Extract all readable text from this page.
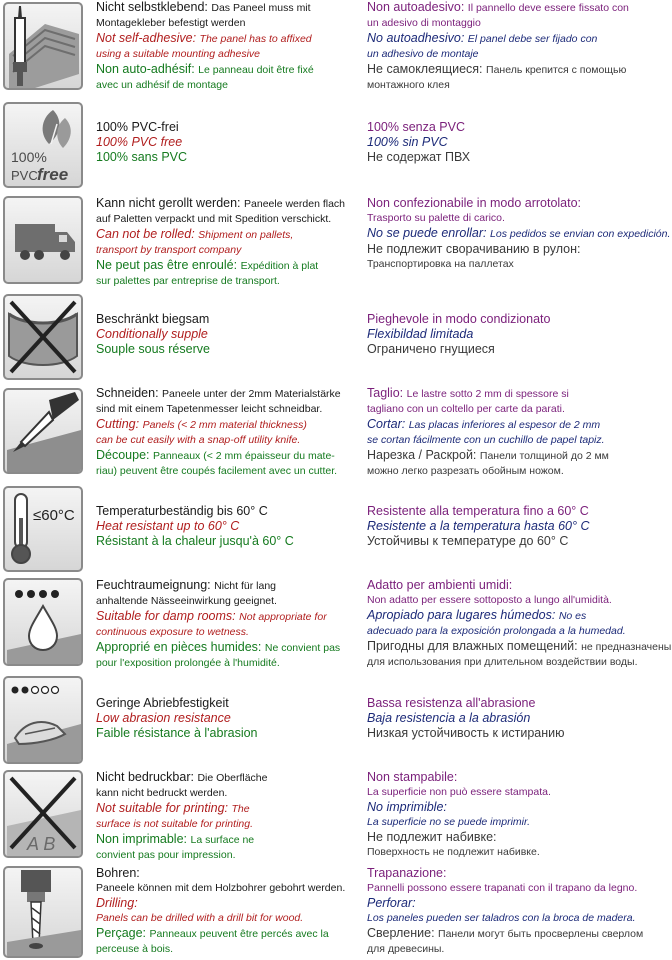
Nicht selbstklebend: Das Paneel muss mit
Montagekleber befestigt werden
Not self-adhesive: The panel has to affixed
using a suitable mounting adhesive
Non auto-adhésif: Le panneau doit être fixé
avec un adhésif de montage
Non autoadesivo: Il pannello deve essere fissato con
un adesivo di montaggio
No autoadhesivo: El panel debe ser fijado con
un adhesivo de montaje
Не самоклеящиеся: Панель крепится с помощью
монтажного клея
100%
PVC free
100% PVC-frei
100% PVC free
100% sans PVC
100% senza PVC
100% sin PVC
Не содержат ПВХ
Kann nicht gerollt werden: Paneele werden flach
auf Paletten verpackt und mit Spedition verschickt.
Can not be rolled: Shipment on pallets,
transport by transport company
Ne peut pas être enroulé: Expédition à plat
sur palettes par entreprise de transport.
Non confezionabile in modo arrotolato:
Trasporto su palette di carico.
No se puede enrollar: Los pedidos se envian con expedición.
Не подлежит сворачиванию в рулон:
Транспортировка на паллетах
Beschränkt biegsam
Conditionally supple
Souple sous réserve
Pieghevole in modo condizionato
Flexibildad limitada
Ограничено гнущиеся
Schneiden: Paneele unter der 2mm Materialstärke
sind mit einem Tapetenmesser leicht schneidbar.
Cutting: Panels (< 2 mm material thickness)
can be cut easily with a snap-off utility knife.
Découpe: Panneaux (< 2 mm épaisseur du mate-
riau) peuvent être coupés facilement avec un cutter.
Taglio: Le lastre sotto 2 mm di spessore si
tagliano con un coltello per carte da parati.
Cortar: Las placas inferiores al espesor de 2 mm
se cortan fácilmente con un cuchillo de papel tapiz.
Нарезка / Раскрой: Панели толщиной до 2 мм
можно легко разрезать обойным ножом.
≤60°C Temperaturbeständig bis 60° C
Heat resistant up to 60° C
Résistant à la chaleur jusqu'à 60° C
Resistente alla temperatura fino a 60° C
Resistente a la temperatura hasta 60° C
Устойчивы к температуре до 60° С
Feuchtraumeignung: Nicht für lang
anhaltende Nässeeinwirkung geeignet.
Suitable for damp rooms: Not appropriate for
continuous exposure to wetness.
Approprié en pièces humides: Ne convient pas
pour l'exposition prolongée à l'humidité.
Adatto per ambienti umidi:
Non adatto per essere sottoposto a lungo all'umidità.
Apropiado para lugares húmedos: No es
adecuado para la exposición prolongada a la humedad.
Пригодны для влажных помещений: не предназначены
для использования при длительном воздействии воды.
Geringe Abriebfestigkeit
Low abrasion resistance
Faible résistance à l'abrasion
Bassa resistenza all'abrasione
Baja resistencia a la abrasión
Низкая устойчивость к истиранию
A B
Nicht bedruckbar: Die Oberfläche
kann nicht bedruckt werden.
Not suitable for printing: The
surface is not suitable for printing.
Non imprimable: La surface ne
convient pas pour impression.
Non stampabile:
La superficie non può essere stampata.
No imprimible:
La superficie no se puede imprimir.
Не подлежит набивке:
Поверхность не подлежит набивке.
Bohren:
Paneele können mit dem Holzbohrer gebohrt werden.
Drilling:
Panels can be drilled with a drill bit for wood.
Perçage: Panneaux peuvent être percés avec la
perceuse à bois.
Trapanazione:
Pannelli possono essere trapanati con il trapano da legno.
Perforar:
Los paneles pueden ser taladros con la broca de madera.
Сверление: Панели могут быть просверлены сверлом
для древесины.
